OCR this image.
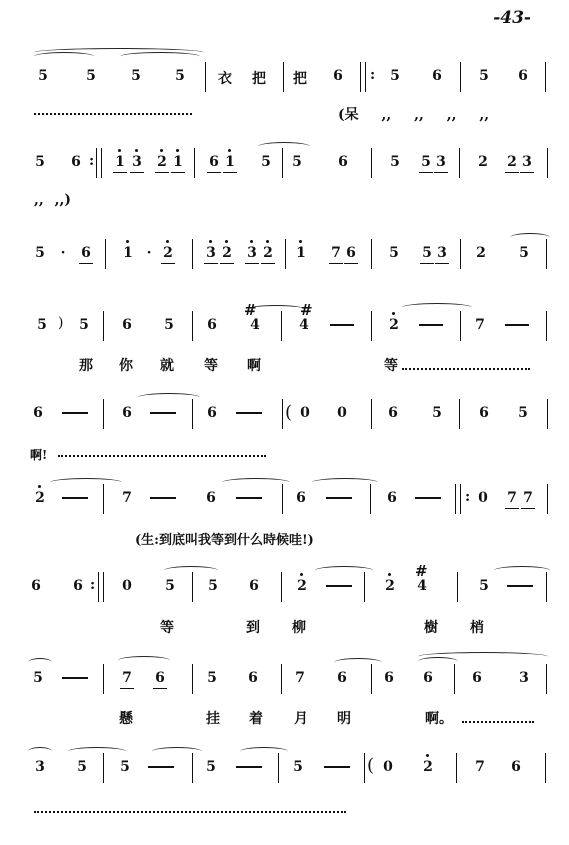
-43-
5	5	5 5 衣 把 把 6 : 5 6	5 6
(呆 ,, ,, ,, ,,
5 6 : 1 3 2 1 6 1 5 5	6	5 5 3 2 2 3
,, ,,)
5	·	6 1 · 2 3 2 3 2 1 7 6 5 5 3 2 5
5 ) 5 6 5 6
#
4
#
4	2	7
那 你 就 等 啊	等
6	6	6	( 0 0	6 5	6 5
啊!
2	7	6	6	6	: 0 7 7
(生:到底叫我等到什么時候哇!)
6 6 : 0 5 5 6	2	2
#
4	5
等	到 柳	樹 梢
5	7 6	5 6	7 6	6 6	6	3
懸	挂 着 月 明	啊。
3 5 5	5	5	( 0 2	7 6
